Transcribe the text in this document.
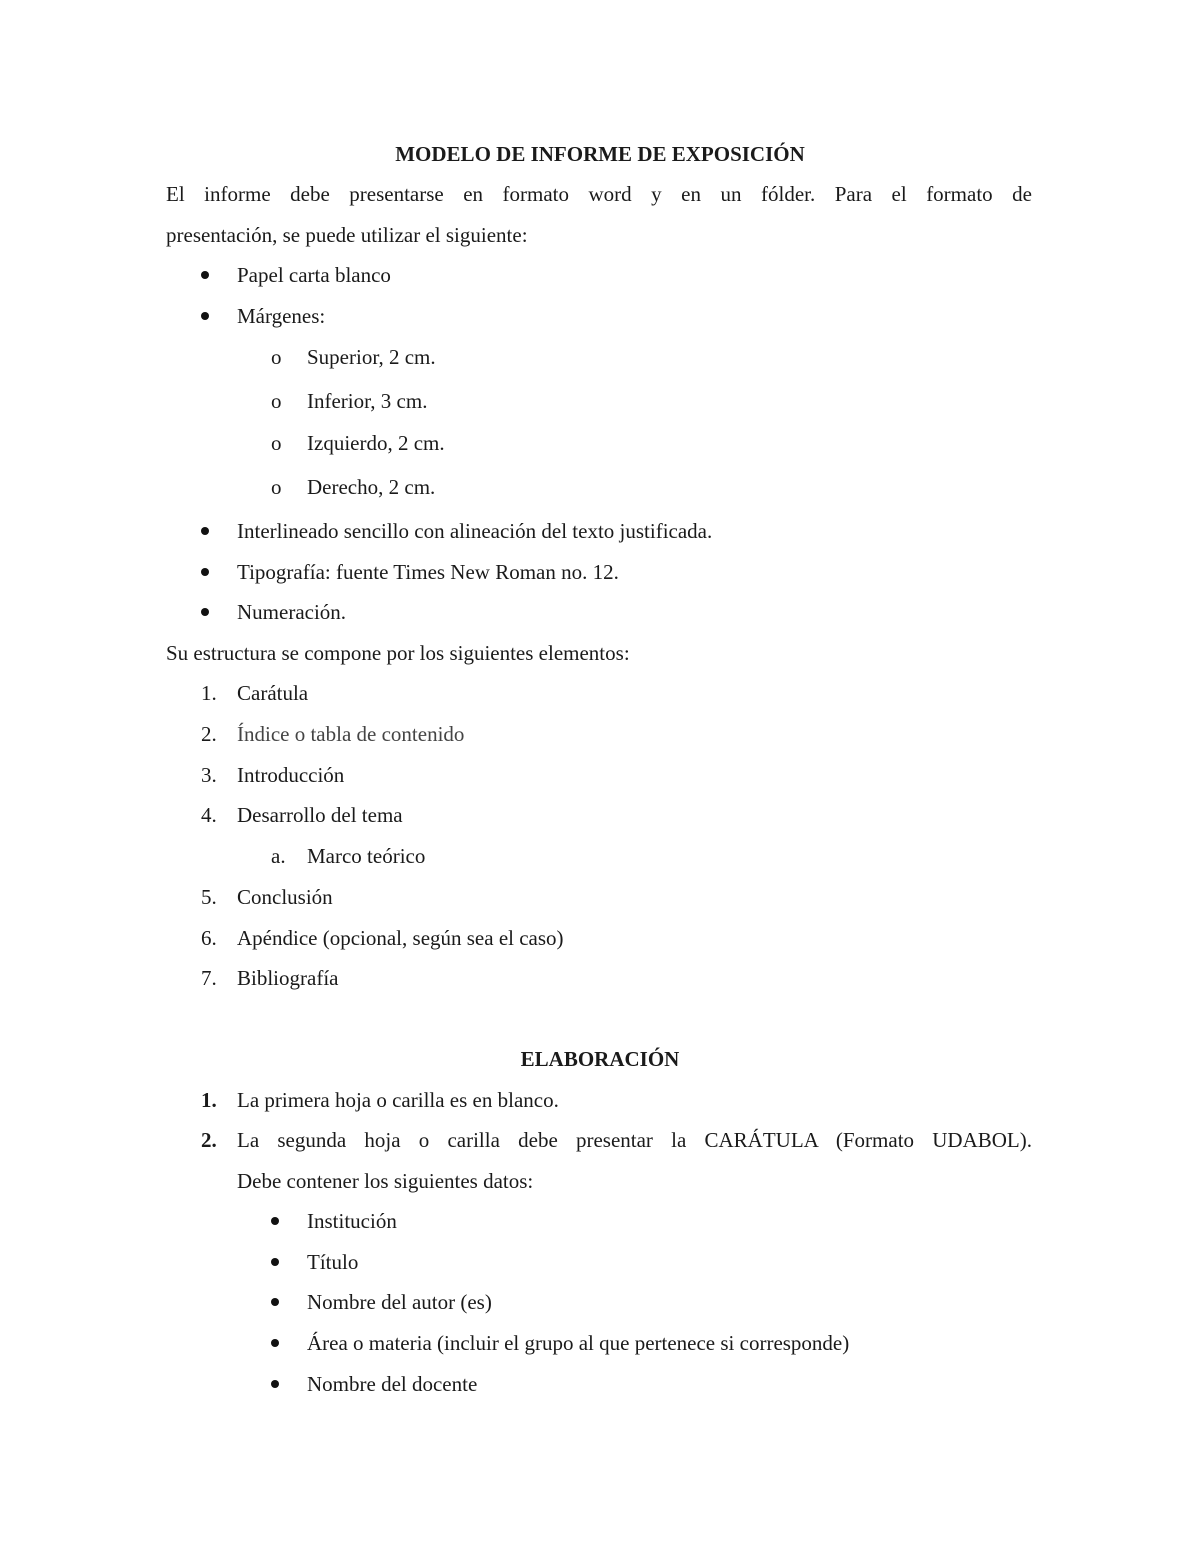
MODELO DE INFORME DE EXPOSICIÓN
El informe debe presentarse en formato word y en un fólder. Para el formato de
presentación, se puede utilizar el siguiente:
Papel carta blanco
Márgenes:
o Superior, 2 cm.
o Inferior, 3 cm.
o Izquierdo, 2 cm.
o Derecho, 2 cm.
Interlineado sencillo con alineación del texto justificada.
Tipografía: fuente Times New Roman no. 12.
Numeración.
Su estructura se compone por los siguientes elementos:
1. Carátula
2. Índice o tabla de contenido
3. Introducción
4. Desarrollo del tema
a. Marco teórico
5. Conclusión
6. Apéndice (opcional, según sea el caso)
7. Bibliografía
ELABORACIÓN
1. La primera hoja o carilla es en blanco.
2. La segunda hoja o carilla debe presentar la CARÁTULA (Formato UDABOL).
Debe contener los siguientes datos:
Institución
Título
Nombre del autor (es)
Área o materia (incluir el grupo al que pertenece si corresponde)
Nombre del docente
